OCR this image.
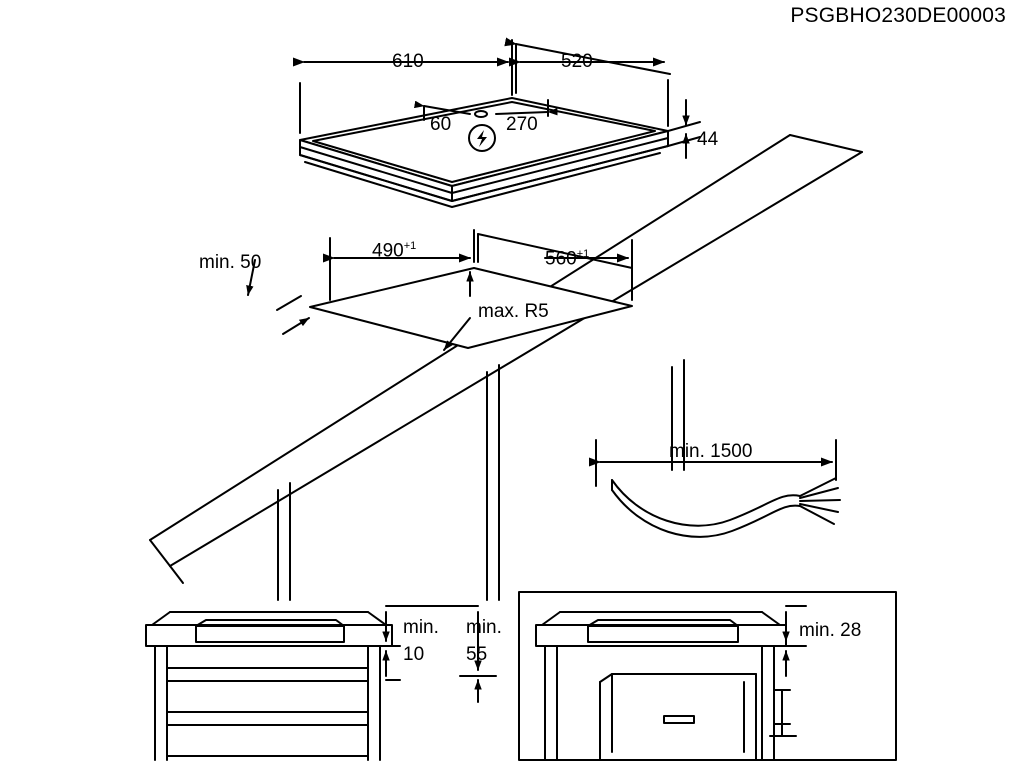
PSGBHO230DE00003
610	520
60	270
44
min. 50
$490^{+1}$
$560^{+1}$
max. R5
min. 1500
min.
10
min.
55
min. 28
